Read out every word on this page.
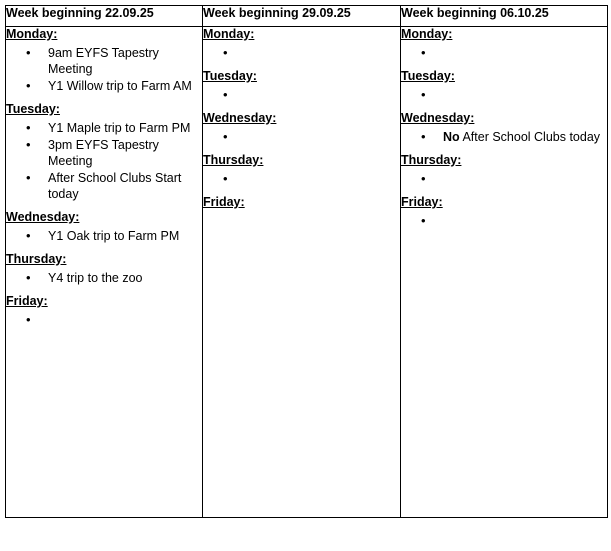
Week beginning 22.09.25	Week beginning 29.09.25	Week beginning 06.10.25

Monday:
• 9am EYFS Tapestry Meeting
• Y1 Willow trip to Farm AM
Tuesday:
• Y1 Maple trip to Farm PM
• 3pm EYFS Tapestry Meeting
• After School Clubs Start today
Wednesday:
• Y1 Oak trip to Farm PM
Thursday:
• Y4 trip to the zoo
Friday:
•

Monday:
•
Tuesday:
•
Wednesday:
•
Thursday:
•
Friday:

Monday:
•
Tuesday:
•
Wednesday:
• No After School Clubs today
Thursday:
•
Friday:
•
